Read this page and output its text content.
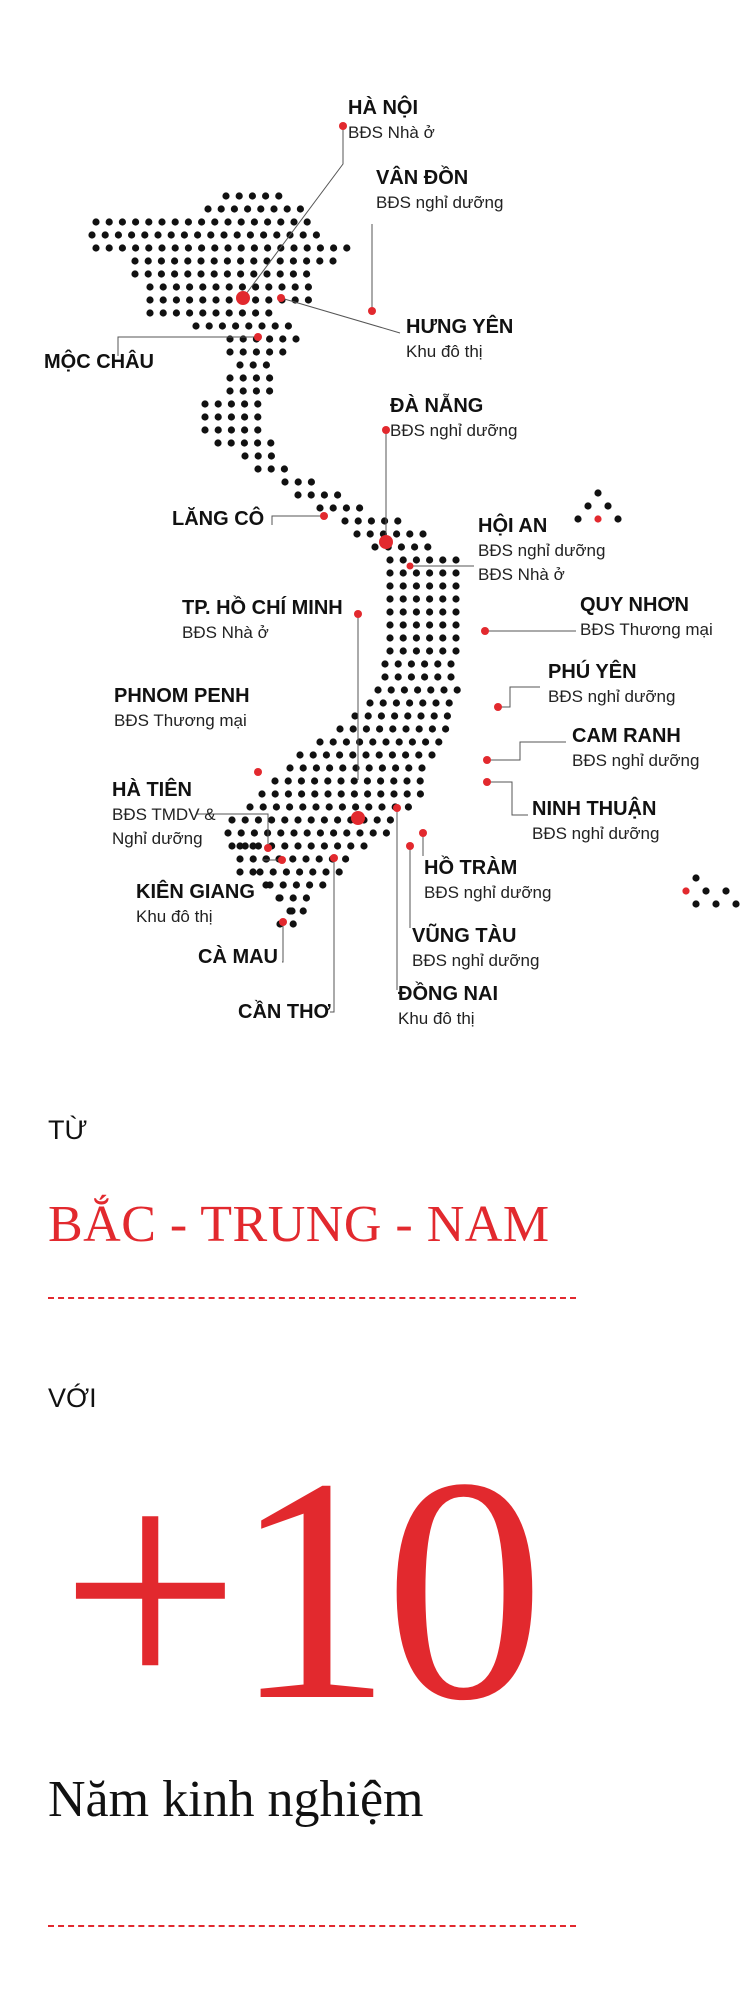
HÀ NỘI
BĐS Nhà ở
VÂN ĐỒN
BĐS nghỉ dưỡng
HƯNG YÊN
Khu đô thị
MỘC CHÂU
ĐÀ NẴNG
BĐS nghỉ dưỡng
LĂNG CÔ	HỘI AN
BĐS nghỉ dưỡng
BĐS Nhà ở
TP. HỒ CHÍ MINH
BĐS Nhà ở
QUY NHƠN
BĐS Thương mại
PHÚ YÊN
BĐS nghỉ dưỡng
PHNOM PENH
BĐS Thương mại
CAM RANH
BĐS nghỉ dưỡng
HÀ TIÊN
BĐS TMDV &
Nghỉ dưỡng
NINH THUẬN
BĐS nghỉ dưỡng
KIÊN GIANG
Khu đô thị
HỒ TRÀM
BĐS nghỉ dưỡng
VŨNG TÀU
BĐS nghỉ dưỡng
CÀ MAU
ĐỒNG NAI
Khu đô thị
CẦN THƠ
TỪ
BẮC - TRUNG - NAM
VỚI
+10
Năm kinh nghiệm
